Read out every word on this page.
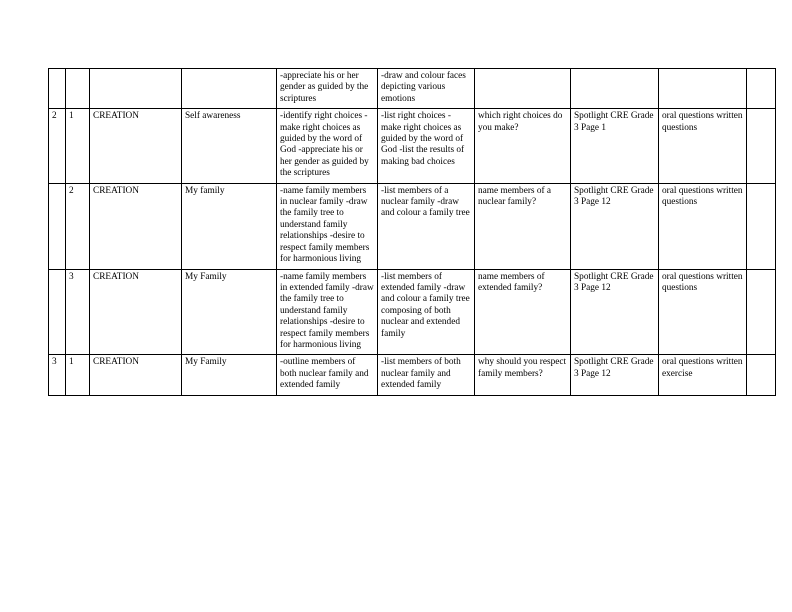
				-appreciate his or her gender as guided by the scriptures	-draw and colour faces depicting various emotions				

2	1	CREATION	Self awareness	-identify right choices -make right choices as guided by the word of God -appreciate his or her gender as guided by the scriptures	-list right choices -make right choices as guided by the word of God -list the results of making bad choices	which right choices do you make?	Spotlight CRE Grade 3 Page 1	oral questions written questions	

	2	CREATION	My family	-name family members in nuclear family -draw the family tree to understand family relationships -desire to respect family members for harmonious living	-list members of a nuclear family -draw and colour a family tree	name members of a nuclear family?	Spotlight CRE Grade 3 Page 12	oral questions written questions	

	3	CREATION	My Family	-name family members in extended family -draw the family tree to understand family relationships -desire to respect family members for harmonious living	-list members of extended family -draw and colour a family tree composing of both nuclear and extended family	name members of extended family?	Spotlight CRE Grade 3 Page 12	oral questions written questions	

3	1	CREATION	My Family	-outline members of both nuclear family and extended family	-list members of both nuclear family and extended family	why should you respect family members?	Spotlight CRE Grade 3 Page 12	oral questions written exercise	
